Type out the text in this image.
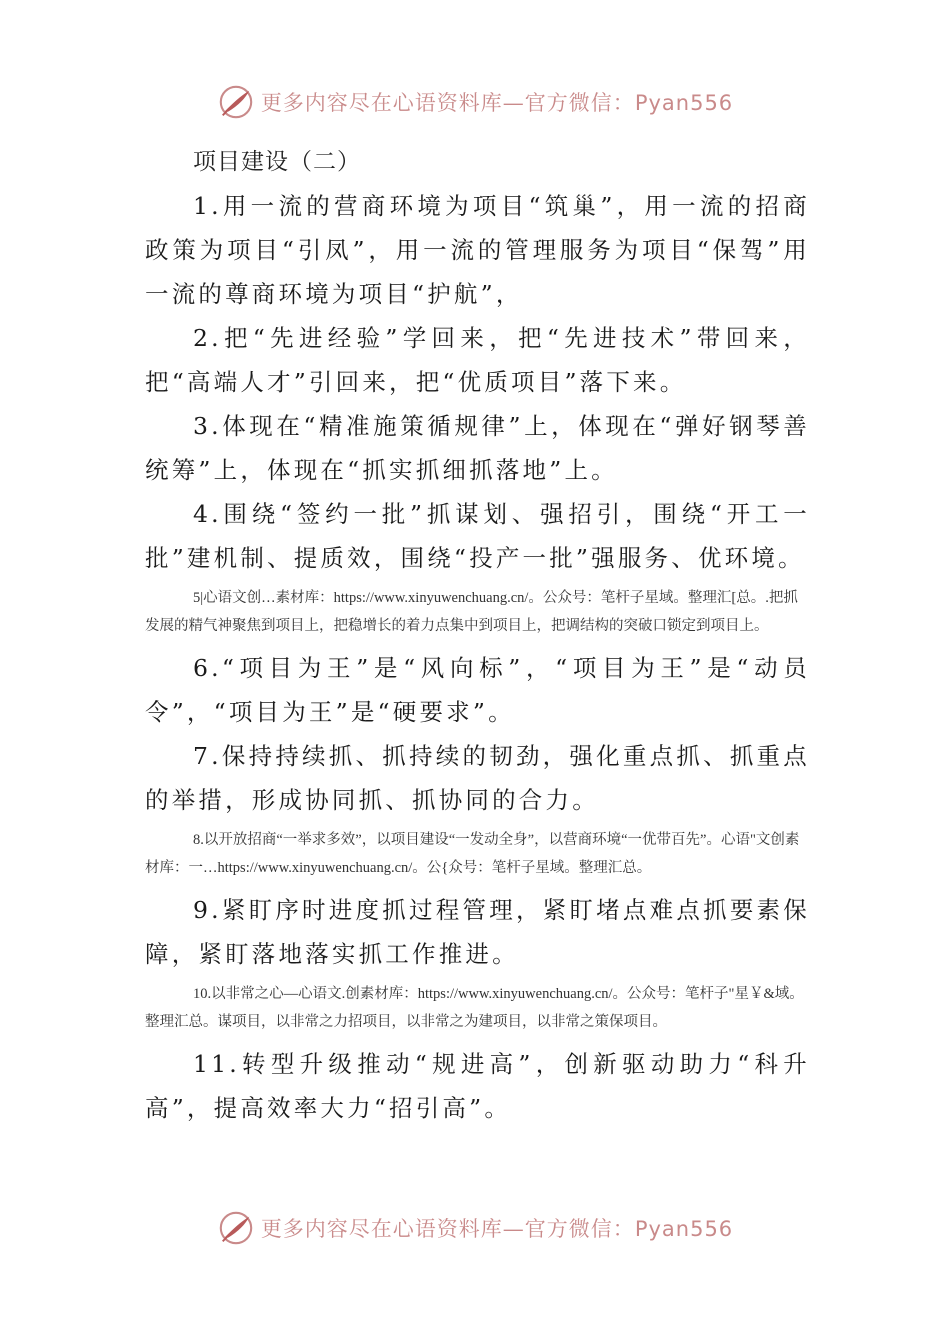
更多内容尽在心语资料库—官方微信：Pyan556

项目建设（二）

1.用一流的营商环境为项目“筑巢”，用一流的招商政策为项目“引凤”，用一流的管理服务为项目“保驾”用一流的尊商环境为项目“护航”，

2.把“先进经验”学回来，把“先进技术”带回来，把“高端人才”引回来，把“优质项目”落下来。

3.体现在“精准施策循规律”上，体现在“弹好钢琴善统筹”上，体现在“抓实抓细抓落地”上。

4.围绕“签约一批”抓谋划、强招引，围绕“开工一批”建机制、提质效，围绕“投产一批”强服务、优环境。

5|心语文创…素材库：https://www.xinyuwenchuang.cn/。公众号：笔杆子星域。整理汇[总。.把抓发展的精气神聚焦到项目上，把稳增长的着力点集中到项目上，把调结构的突破口锁定到项目上。

6.“项目为王”是“风向标”，“项目为王”是“动员令”，“项目为王”是“硬要求”。

7.保持持续抓、抓持续的韧劲，强化重点抓、抓重点的举措，形成协同抓、抓协同的合力。

8.以开放招商“一举求多效”，以项目建设“一发动全身”，以营商环境“一优带百先”。心语"文创素材库：一…https://www.xinyuwenchuang.cn/。公{众号：笔杆子星域。整理汇总。

9.紧盯序时进度抓过程管理，紧盯堵点难点抓要素保障，紧盯落地落实抓工作推进。

10.以非常之心—心语文.创素材库：https://www.xinyuwenchuang.cn/。公众号：笔杆子"星￥&域。整理汇总。谋项目，以非常之力招项目，以非常之为建项目，以非常之策保项目。

11.转型升级推动“规进高”，创新驱动助力“科升高”，提高效率大力“招引高”。

更多内容尽在心语资料库—官方微信：Pyan556
